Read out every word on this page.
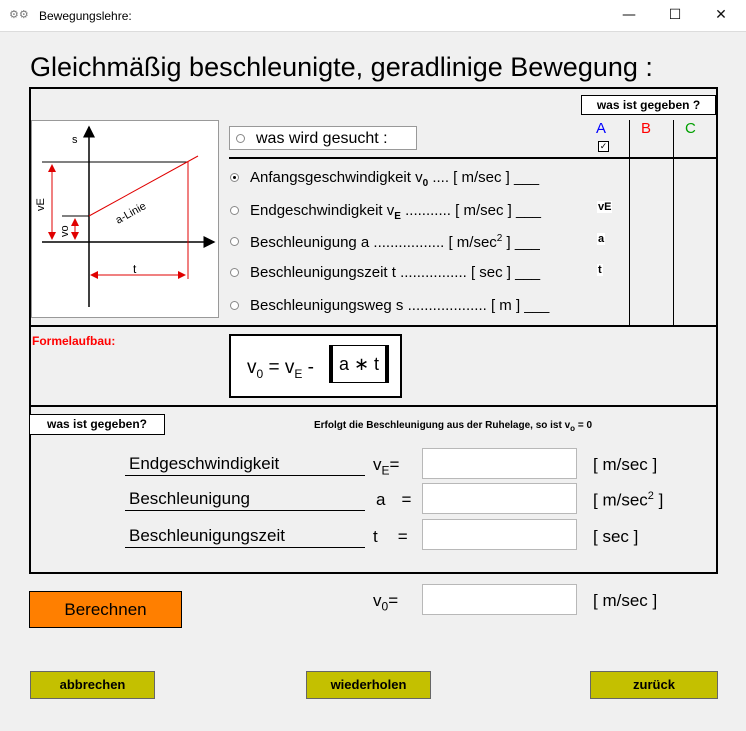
⚙⚙ Bewegungslehre:	—	☐	✕
Gleichmäßig beschleunigte, geradlinige Bewegung :
s
t
vE
vo
a-Linie
was wird gesucht :
was ist gegeben ?
A
✓
B C
Anfangsgeschwindigkeit $v_0$ .... [ m/sec ] ___
Endgeschwindigkeit $v_E$ ........... [ m/sec ] ___	vE
Beschleunigung a ................. [ $m/\sec^2$ ] ___	a
Beschleunigungszeit t ................ [ sec ] ___	t
Beschleunigungsweg s ................... [ m ] ___
Formelaufbau:
$v_0 = v_E$ -	a ∗ t
was ist gegeben?	Erfolgt die Beschleunigung aus der Ruhelage, so ist $v_o = 0$
Endgeschwindigkeit	$v_E=$	[ m/sec ]
Beschleunigung	a =	[ $m/\sec^2$ ]
Beschleunigungszeit	t =	[ sec ]
Berechnen	$v_0=$	[ m/sec ]
abbrechen	wiederholen	zurück
